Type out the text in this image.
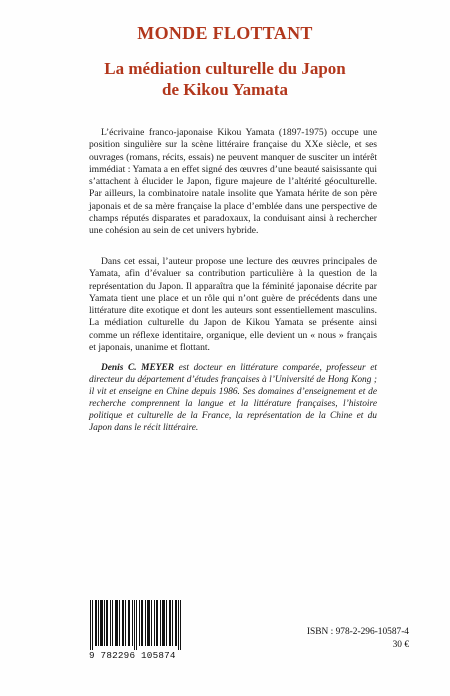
MONDE FLOTTANT
La médiation culturelle du Japon
de Kikou Yamata

L’écrivaine franco-japonaise Kikou Yamata (1897-1975) occupe une position singulière sur la scène littéraire française du XXe siècle, et ses ouvrages (romans, récits, essais) ne peuvent manquer de susciter un intérêt immédiat : Yamata a en effet signé des œuvres d’une beauté saisissante qui s’attachent à élucider le Japon, figure majeure de l’altérité géoculturelle. Par ailleurs, la combinatoire natale insolite que Yamata hérite de son père japonais et de sa mère française la place d’emblée dans une perspective de champs réputés disparates et paradoxaux, la conduisant ainsi à rechercher une cohésion au sein de cet univers hybride.

Dans cet essai, l’auteur propose une lecture des œuvres principales de Yamata, afin d’évaluer sa contribution particulière à la question de la représentation du Japon. Il apparaîtra que la féminité japonaise décrite par Yamata tient une place et un rôle qui n’ont guère de précédents dans une littérature dite exotique et dont les auteurs sont essentiellement masculins. La médiation culturelle du Japon de Kikou Yamata se présente ainsi comme un réflexe identitaire, organique, elle devient un « nous » français et japonais, unanime et flottant.

Denis C. MEYER est docteur en littérature comparée, professeur et directeur du département d’études françaises à l’Université de Hong Kong ; il vit et enseigne en Chine depuis 1986. Ses domaines d’enseignement et de recherche comprennent la langue et la littérature françaises, l’histoire politique et culturelle de la France, la représentation de la Chine et du Japon dans le récit littéraire.

9 782296 105874
ISBN : 978-2-296-10587-4
30 €
